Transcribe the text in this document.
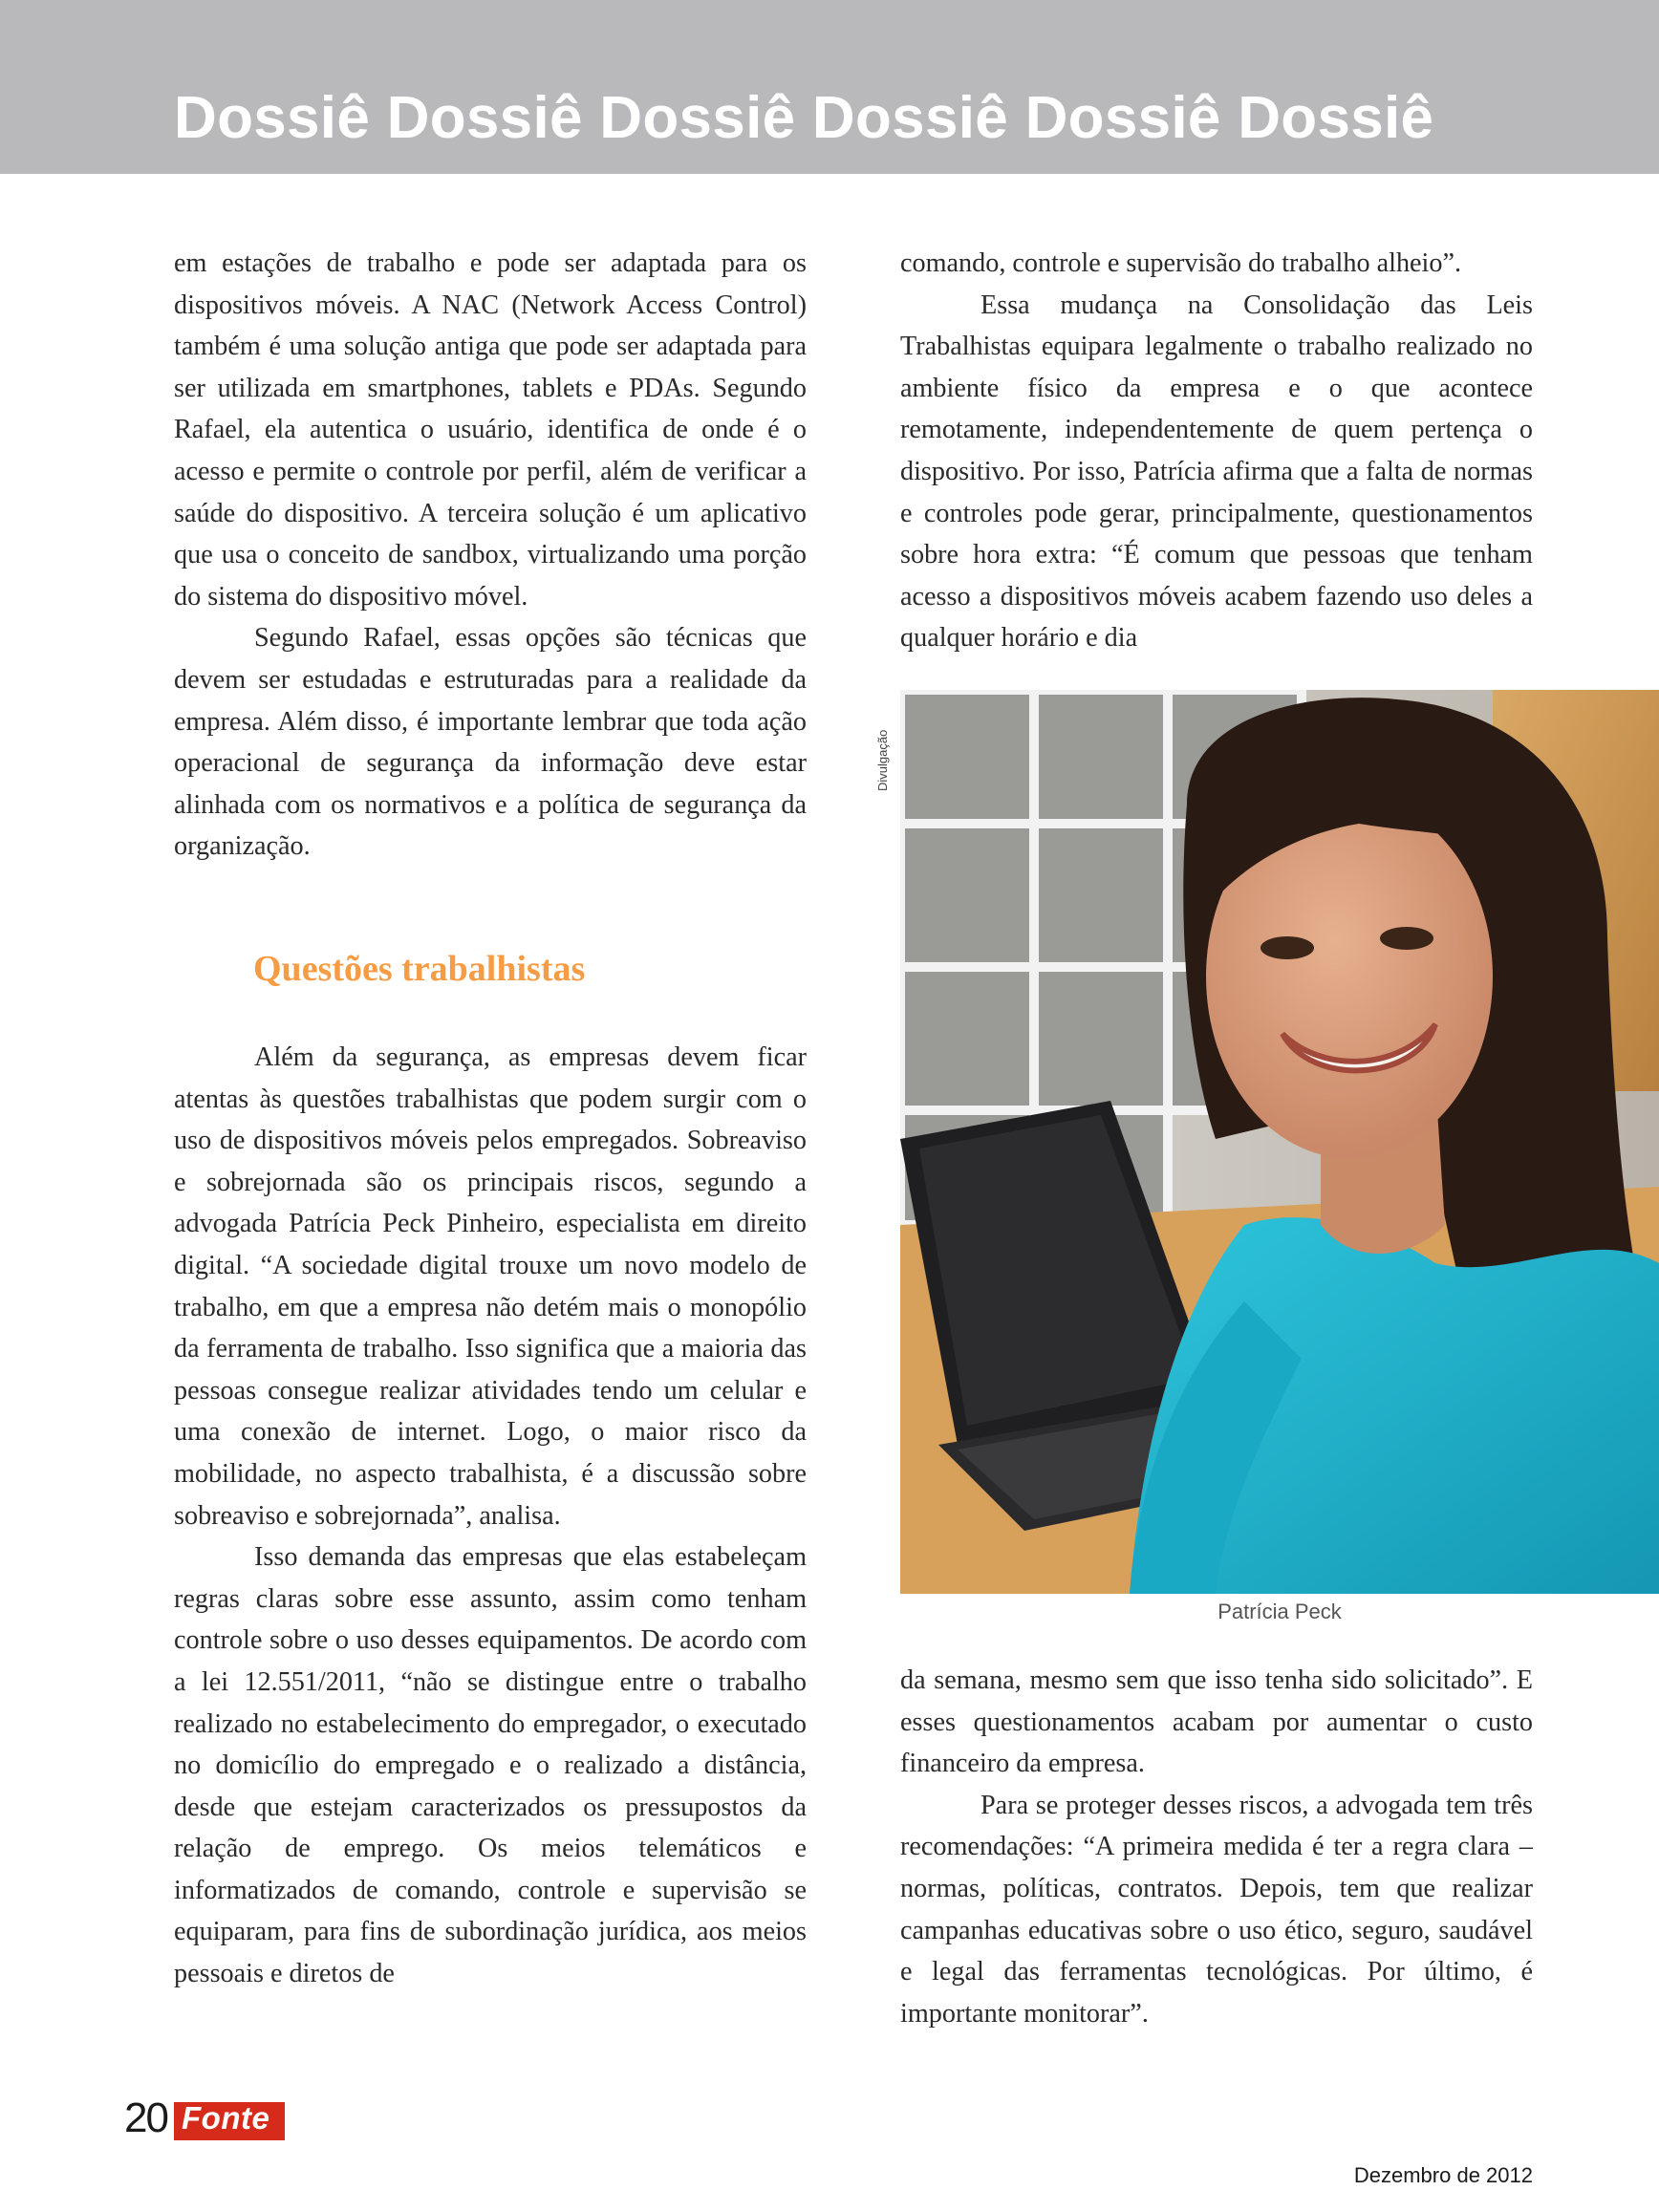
Dossiê Dossiê Dossiê Dossiê Dossiê Dossiê

em estações de trabalho e pode ser adaptada para os dispositivos móveis. A NAC (Network Access Control) também é uma solução antiga que pode ser adaptada para ser utilizada em smartphones, tablets e PDAs. Segundo Rafael, ela autentica o usuário, identifica de onde é o acesso e permite o controle por perfil, além de verificar a saúde do dispositivo. A terceira solução é um aplicativo que usa o conceito de sandbox, virtualizando uma porção do sistema do dispositivo móvel.

Segundo Rafael, essas opções são técnicas que devem ser estudadas e estruturadas para a realidade da empresa. Além disso, é importante lembrar que toda ação operacional de segurança da informação deve estar alinhada com os normativos e a política de segurança da organização.

Questões trabalhistas

Além da segurança, as empresas devem ficar atentas às questões trabalhistas que podem surgir com o uso de dispositivos móveis pelos empregados. Sobreaviso e sobrejornada são os principais riscos, segundo a advogada Patrícia Peck Pinheiro, especialista em direito digital. “A sociedade digital trouxe um novo modelo de trabalho, em que a empresa não detém mais o monopólio da ferramenta de trabalho. Isso significa que a maioria das pessoas consegue realizar atividades tendo um celular e uma conexão de internet. Logo, o maior risco da mobilidade, no aspecto trabalhista, é a discussão sobre sobreaviso e sobrejornada”, analisa.

Isso demanda das empresas que elas estabeleçam regras claras sobre esse assunto, assim como tenham controle sobre o uso desses equipamentos. De acordo com a lei 12.551/2011, “não se distingue entre o trabalho realizado no estabelecimento do empregador, o executado no domicílio do empregado e o realizado a distância, desde que estejam caracterizados os pressupostos da relação de emprego. Os meios telemáticos e informatizados de comando, controle e supervisão se equiparam, para fins de subordinação jurídica, aos meios pessoais e diretos de

comando, controle e supervisão do trabalho alheio”.

Essa mudança na Consolidação das Leis Trabalhistas equipara legalmente o trabalho realizado no ambiente físico da empresa e o que acontece remotamente, independentemente de quem pertença o dispositivo. Por isso, Patrícia afirma que a falta de normas e controles pode gerar, principalmente, questionamentos sobre hora extra: “É comum que pessoas que tenham acesso a dispositivos móveis acabem fazendo uso deles a qualquer horário e dia

Divulgação
Patrícia Peck

da semana, mesmo sem que isso tenha sido solicitado”. E esses questionamentos acabam por aumentar o custo financeiro da empresa.

Para se proteger desses riscos, a advogada tem três recomendações: “A primeira medida é ter a regra clara – normas, políticas, contratos. Depois, tem que realizar campanhas educativas sobre o uso ético, seguro, saudável e legal das ferramentas tecnológicas. Por último, é importante monitorar”.

20 Fonte
Dezembro de 2012
